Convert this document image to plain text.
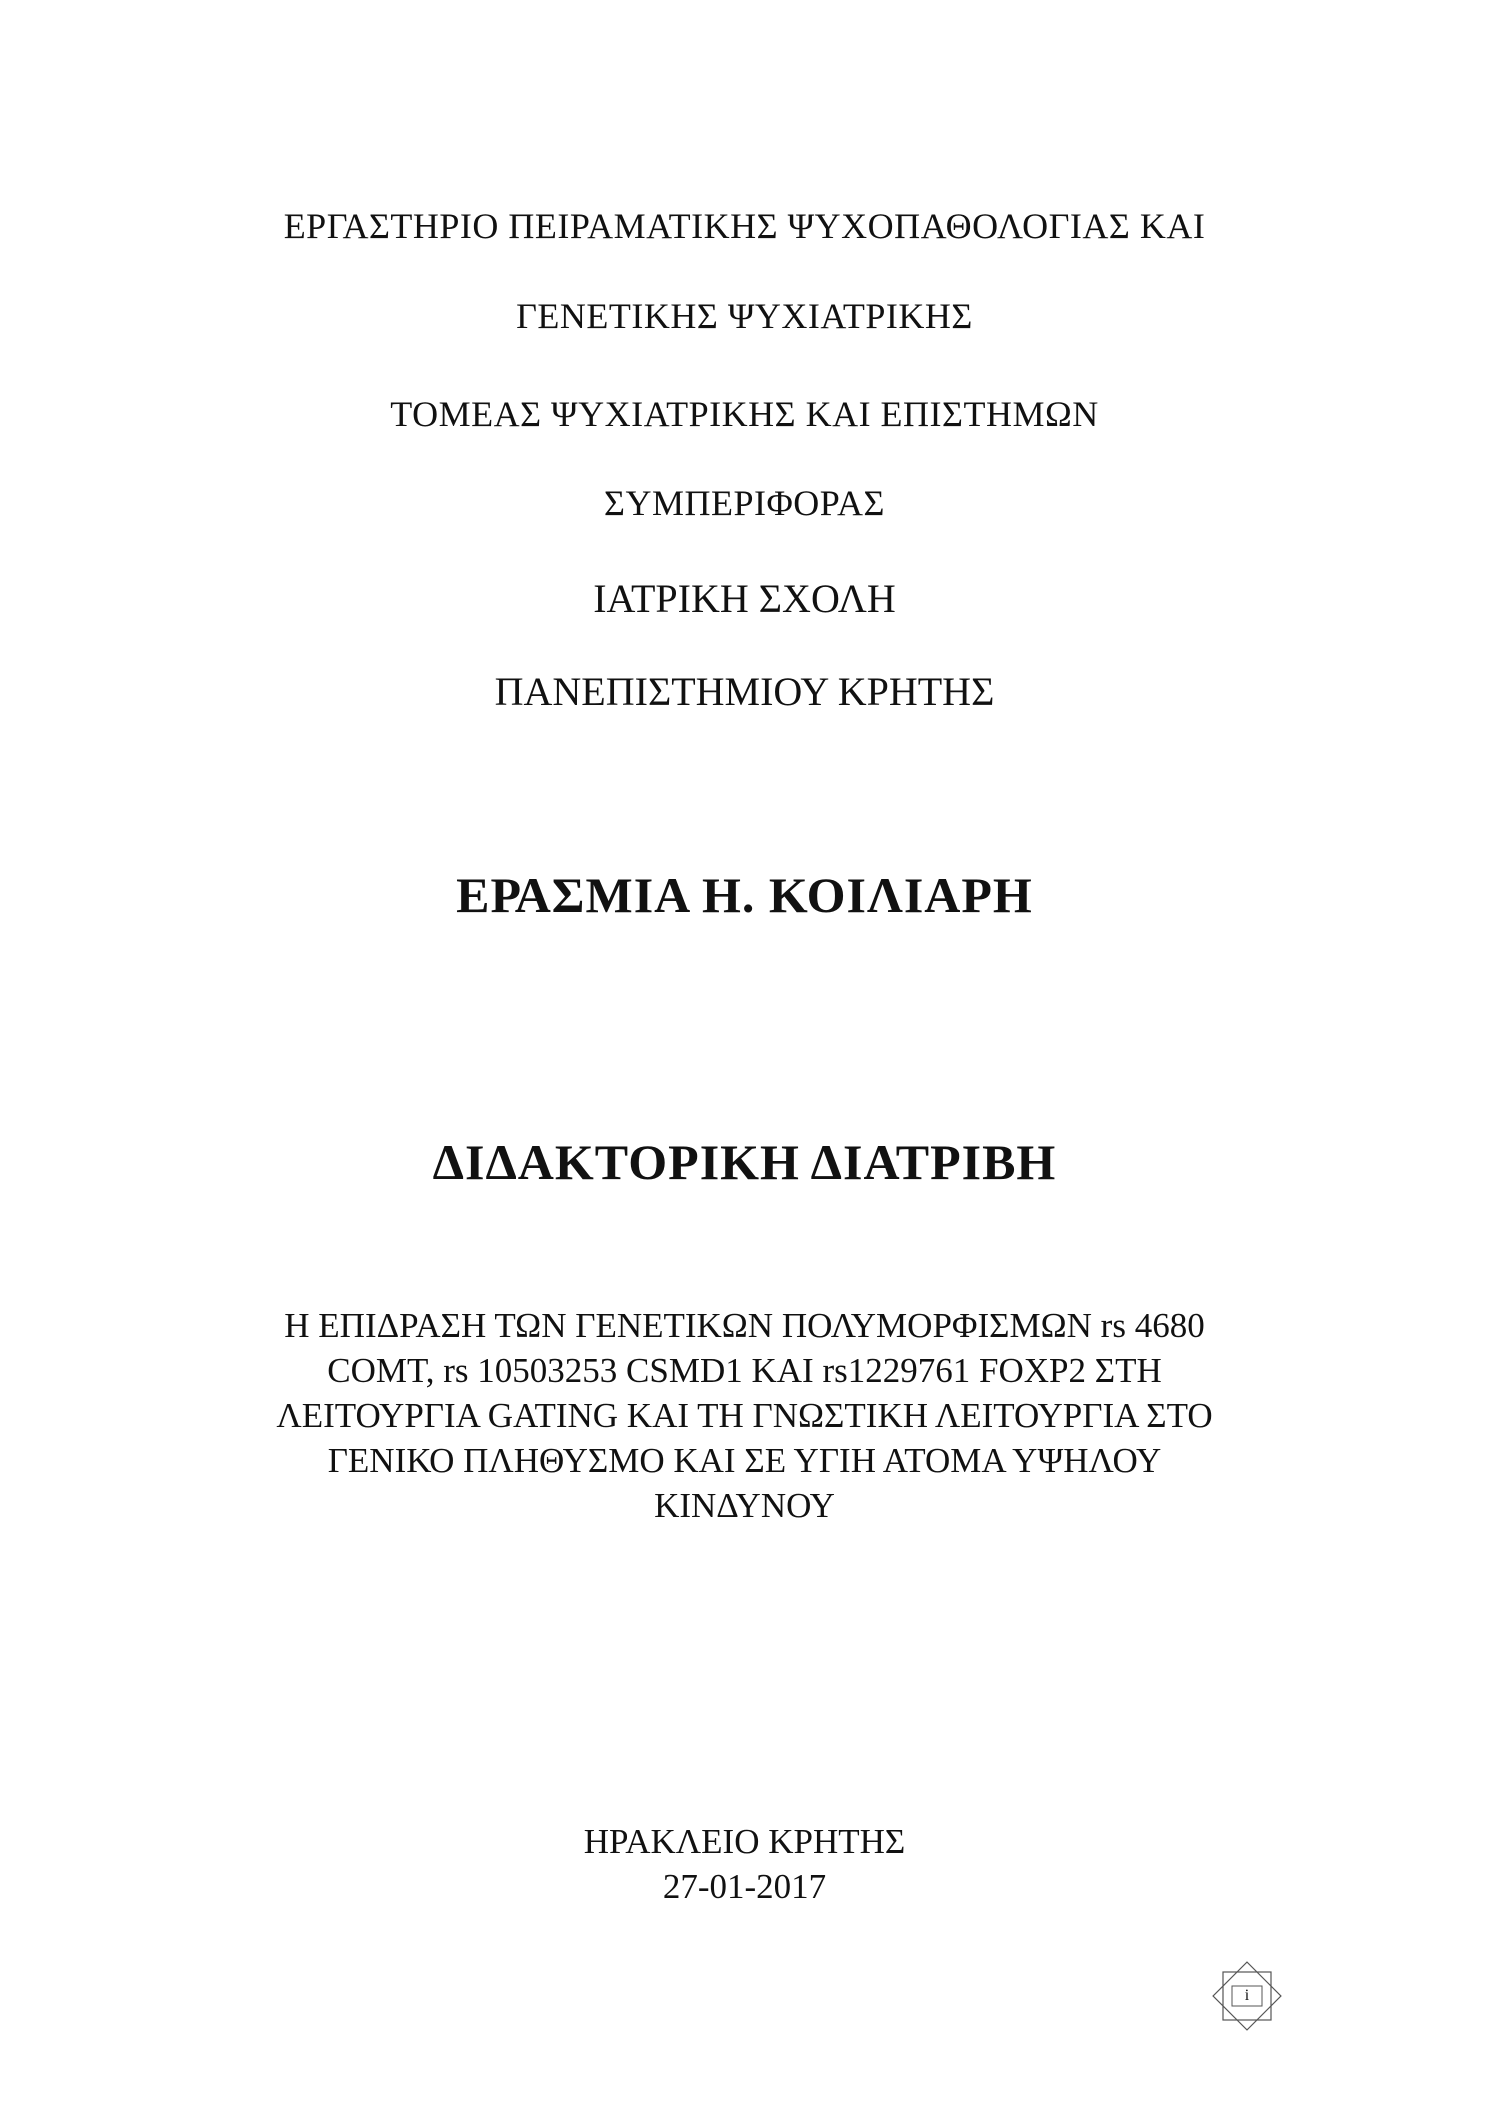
ΕΡΓΑΣΤΗΡΙΟ ΠΕΙΡΑΜΑΤΙΚΗΣ ΨΥΧΟΠΑΘΟΛΟΓΙΑΣ ΚΑΙ
ΓΕΝΕΤΙΚΗΣ ΨΥΧΙΑΤΡΙΚΗΣ
ΤΟΜΕΑΣ ΨΥΧΙΑΤΡΙΚΗΣ ΚΑΙ ΕΠΙΣΤΗΜΩΝ
ΣΥΜΠΕΡΙΦΟΡΑΣ
ΙΑΤΡΙΚΗ ΣΧΟΛΗ
ΠΑΝΕΠΙΣΤΗΜΙΟΥ ΚΡΗΤΗΣ
ΕΡΑΣΜΙΑ Η. ΚΟΙΛΙΑΡΗ
ΔΙΔΑΚΤΟΡΙΚΗ ΔΙΑΤΡΙΒΗ
Η ΕΠΙΔΡΑΣΗ ΤΩΝ ΓΕΝΕΤΙΚΩΝ ΠΟΛΥΜΟΡΦΙΣΜΩΝ rs 4680
COMT, rs 10503253 CSMD1 ΚΑΙ rs1229761 FOXP2 ΣΤΗ
ΛΕΙΤΟΥΡΓΙΑ GATING ΚΑΙ ΤΗ ΓΝΩΣΤΙΚΗ ΛΕΙΤΟΥΡΓΙΑ ΣΤΟ
ΓΕΝΙΚΟ ΠΛΗΘΥΣΜΟ ΚΑΙ ΣΕ ΥΓΙΗ ΑΤΟΜΑ ΥΨΗΛΟΥ
ΚΙΝΔΥΝΟΥ
ΗΡΑΚΛΕΙΟ ΚΡΗΤΗΣ
27-01-2017
i
